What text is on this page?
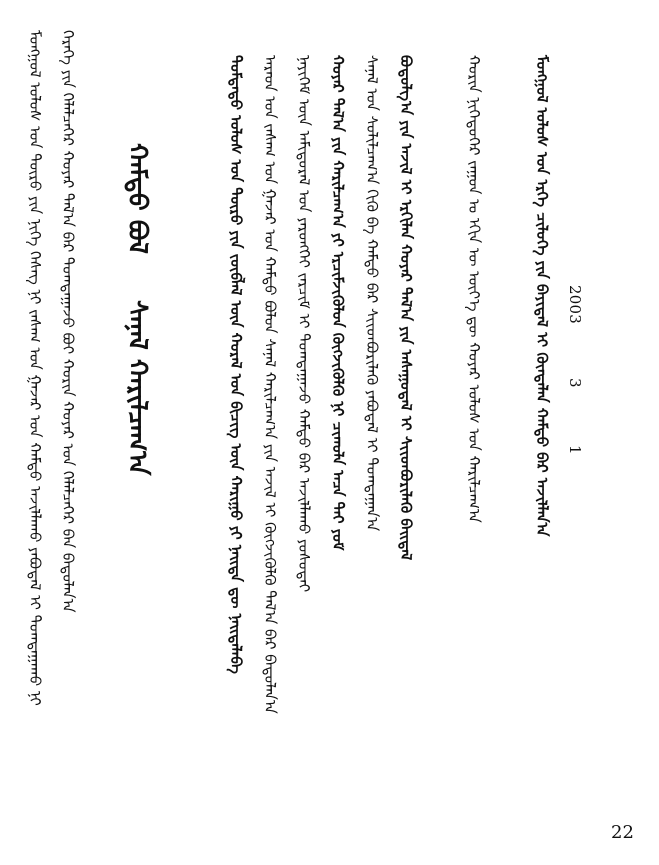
ᠬᠠᠮᠲᠤ ᠪᠣᠯ
ᠰᠠᠨᠠᠯ ᠬᠠᠷᠢᠯᠴᠠᠭ᠎ᠠ
ᠮᠣᠩᠭᠣᠯ ᠤᠯᠤᠰ ᠤᠨ ᠲᠦᠷᠦ ᠶᠢᠨ ᠨᠢᠭᠡ ᠬᠡᠰᠡᠭ ᠨᠢ ᠵᠠᠰᠠᠭ ᠤᠨ ᠭᠠᠵᠠᠷ ᠤᠨ ᠬᠠᠮᠲᠤ ᠠᠵᠢᠯᠯᠠᠬᠤ ᠶᠠᠪᠤᠳᠠᠯ ᠢ ᠲᠣᠭᠲᠠᠭᠠᠬᠤ ᠨᠢ ᠭᠡᠷᠡᠭᠡ ᠶᠢᠨ ᠬᠡᠯᠡᠯᠴᠡᠭᠡᠷ ᠬᠣᠶᠠᠷ ᠲᠠᠯ᠎ᠠ ᠪᠠᠷ ᠲᠣᠭᠲᠠᠭᠠᠵᠤ ᠪᠣᠢ ᠬᠣᠷᠢᠨ ᠬᠣᠶᠠᠷ ᠤᠨ ᠬᠡᠯᠡᠯᠴᠡᠭᠡᠷ ᠪᠠᠨ ᠪᠠᠲᠤᠯᠠᠨ᠎ᠠ	ᠳᠤᠮᠳᠠᠳᠤ ᠤᠯᠤᠰ ᠤᠨ ᠲᠦᠷᠦ ᠶᠢᠨ ᠵᠥᠪᠯᠡᠯ ᠦᠨ ᠬᠣᠷᠠᠯ ᠤᠨ ᠪᠢᠴᠢᠭ ᠦᠨ ᠬᠠᠷᠢᠭᠤ ᠶᠢ ᠨᠡᠢᠲᠡ ᠳᠦ ᠨᠡᠢᠲᠡᠯᠡᠪᠡ ᠠᠷᠠᠳ ᠤᠨ ᠵᠠᠰᠠᠭ ᠤᠨ ᠭᠠᠵᠠᠷ ᠤᠨ ᠬᠠᠮᠲᠤ ᠪᠣᠯᠤᠨ ᠰᠠᠨᠠᠯ ᠬᠠᠷᠢᠯᠴᠠᠭ᠎ᠠ ᠶᠢᠨ ᠠᠵᠢᠯ ᠢ ᠬᠥᠭᠵᠢᠭᠦᠯᠬᠦ ᠲᠠᠯ᠎ᠠ ᠪᠠᠷ ᠪᠠᠳᠤᠯᠠᠨ᠎ᠠ ᠨᠡᠶᠢᠭᠡᠮ ᠦᠨ ᠠᠮᠢᠳᠤᠷᠠᠯ ᠤᠨ ᠶᠡᠷᠦᠩᠬᠡᠢ ᠵᠠᠷᠴᠢᠮ ᠢ ᠲᠣᠭᠲᠠᠭᠠᠵᠤ ᠬᠠᠮᠲᠤ ᠪᠡᠷ ᠠᠵᠢᠯᠯᠠᠬᠤ ᠶᠤᠰᠤᠲᠠᠢ ᠬᠣᠶᠠᠷ ᠲᠠᠯ᠎ᠠ ᠶᠢᠨ ᠬᠠᠷᠢᠯᠴᠠᠭ᠎ᠠ ᠶᠢ ᠡᠷᠴᠢᠮᠵᠢᠭᠦᠯᠦᠨ ᠬᠥᠭᠵᠢᠭᠦᠯᠬᠦ ᠨᠢ ᠴᠢᠬᠤᠯᠠ ᠠᠴᠠ ᠲᠠᠢ ᠶᠤᠮ ᠰᠠᠨᠠᠯ ᠤᠨ ᠰᠣᠯᠢᠯᠴᠠᠭ᠎ᠠ ᠬᠢᠬᠦ ᠪᠠ ᠬᠠᠮᠲᠤ ᠪᠡᠷ ᠰᠢᠢᠳᠪᠦᠷᠢᠯᠡᠬᠦ ᠶᠠᠪᠤᠳᠠᠯ ᠢ ᠲᠣᠭᠲᠠᠭᠠᠨ᠎ᠠ ᠪᠣᠳᠣᠯᠭ᠎ᠠ ᠶᠢᠨ ᠠᠵᠢᠯ ᠢ ᠡᠷᠬᠢᠯᠡᠨ ᠬᠣᠶᠠᠷ ᠲᠠᠯ᠎ᠠ ᠶᠢᠨ ᠠᠰᠠᠭᠤᠳᠠᠯ ᠢ ᠰᠢᠢᠳᠪᠦᠷᠢᠯᠡᠬᠦ ᠪᠠᠢᠳᠠᠯ	ᠬᠣᠷᠢᠨ ᠨᠢᠭᠡᠳᠦᠭᠡᠷ ᠵᠠᠭᠤᠨ ᠤ ᠡᠬᠢᠨ ᠦ ᠦᠶ᠎ᠡ ᠳᠦ ᠬᠣᠶᠠᠷ ᠤᠯᠤᠰ ᠤᠨ ᠬᠠᠷᠢᠯᠴᠠᠭ᠎ᠠ	ᠮᠣᠩᠭᠣᠯ ᠤᠯᠤᠰ ᠤᠨ ᠡᠷᠬᠡ ᠴᠢᠯᠥᠭᠡ ᠶᠢᠨ ᠪᠠᠶᠢᠳᠠᠯ ᠢ ᠬᠥᠨᠳᠡᠯᠡᠨ ᠬᠠᠮᠲᠤ ᠪᠡᠷ ᠠᠵᠢᠯᠯᠠᠨ᠎ᠠ 2003
3
1
22
